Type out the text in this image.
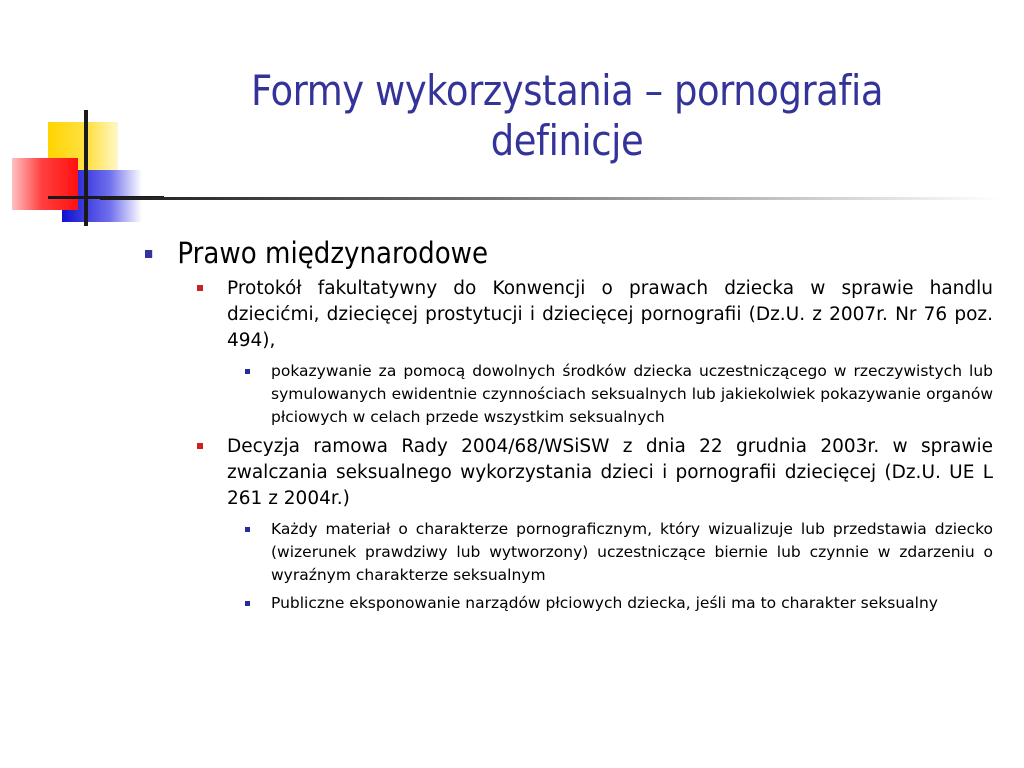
Formy wykorzystania – pornografia
definicje
Prawo międzynarodowe
Protokół fakultatywny do Konwencji o prawach dziecka w sprawie handlu dziecićmi, dziecięcej prostytucji i dziecięcej pornografii (Dz.U. z 2007r. Nr 76 poz. 494),
pokazywanie za pomocą dowolnych środków dziecka uczestniczącego w rzeczywistych lub symulowanych ewidentnie czynnościach seksualnych lub jakiekolwiek pokazywanie organów płciowych w celach przede wszystkim seksualnych
Decyzja ramowa Rady 2004/68/WSiSW z dnia 22 grudnia 2003r. w sprawie zwalczania seksualnego wykorzystania dzieci i pornografii dziecięcej (Dz.U. UE L 261 z 2004r.)
Każdy materiał o charakterze pornograficznym, który wizualizuje lub przedstawia dziecko (wizerunek prawdziwy lub wytworzony) uczestniczące biernie lub czynnie w zdarzeniu o wyraźnym charakterze seksualnym
Publiczne eksponowanie narządów płciowych dziecka, jeśli ma to charakter seksualny
